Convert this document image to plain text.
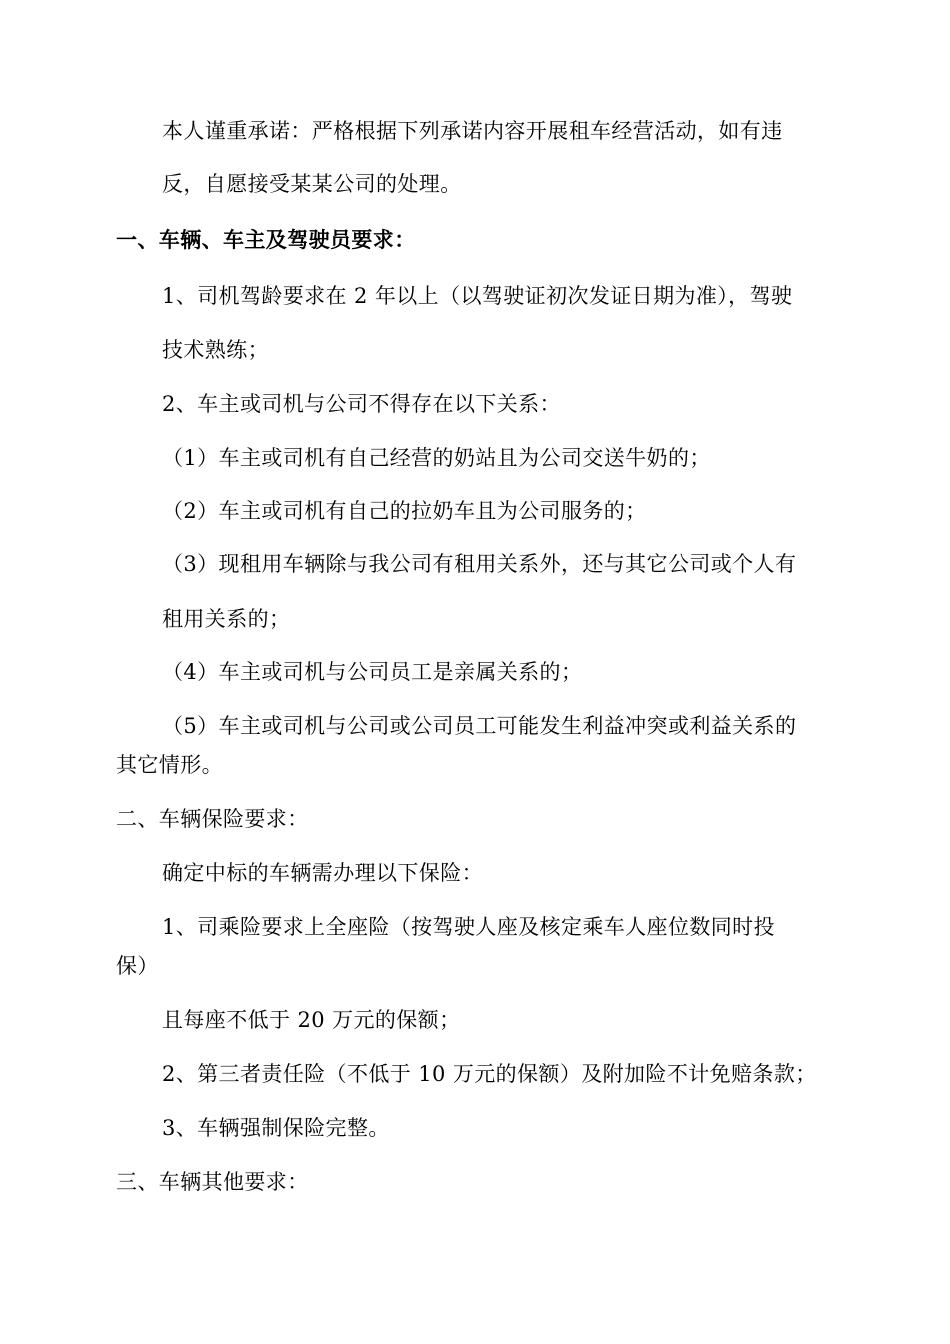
本人谨重承诺：严格根据下列承诺内容开展租车经营活动，如有违
反，自愿接受某某公司的处理。
一、车辆、车主及驾驶员要求：
1、司机驾龄要求在 2 年以上（以驾驶证初次发证日期为准），驾驶
技术熟练；
2、车主或司机与公司不得存在以下关系：
（1）车主或司机有自己经营的奶站且为公司交送牛奶的；
（2）车主或司机有自己的拉奶车且为公司服务的；
（3）现租用车辆除与我公司有租用关系外，还与其它公司或个人有
租用关系的；
（4）车主或司机与公司员工是亲属关系的；
（5）车主或司机与公司或公司员工可能发生利益冲突或利益关系的
其它情形。
二、车辆保险要求：
确定中标的车辆需办理以下保险：
1、司乘险要求上全座险（按驾驶人座及核定乘车人座位数同时投
保）
且每座不低于 20 万元的保额；
2、第三者责任险（不低于 10 万元的保额）及附加险不计免赔条款；
3、车辆强制保险完整。
三、车辆其他要求：
